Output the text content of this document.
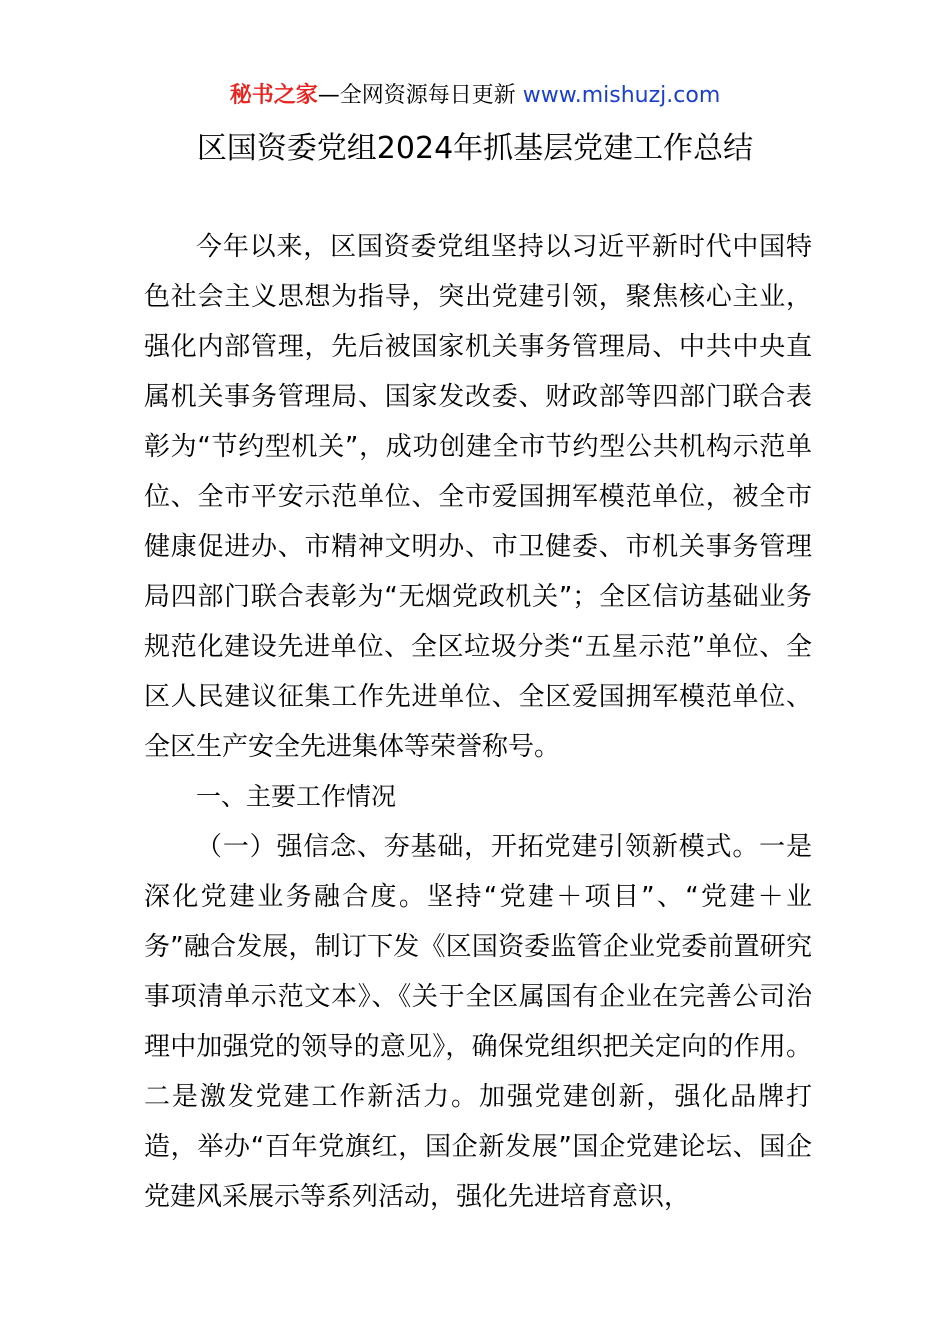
秘书之家—全网资源每日更新 www.mishuzj.com
区国资委党组2024年抓基层党建工作总结

今年以来，区国资委党组坚持以习近平新时代中国特色社会主义思想为指导，突出党建引领，聚焦核心主业，强化内部管理，先后被国家机关事务管理局、中共中央直属机关事务管理局、国家发改委、财政部等四部门联合表彰为“节约型机关”，成功创建全市节约型公共机构示范单位、全市平安示范单位、全市爱国拥军模范单位，被全市健康促进办、市精神文明办、市卫健委、市机关事务管理局四部门联合表彰为“无烟党政机关”；全区信访基础业务规范化建设先进单位、全区垃圾分类“五星示范”单位、全区人民建议征集工作先进单位、全区爱国拥军模范单位、全区生产安全先进集体等荣誉称号。

一、主要工作情况

（一）强信念、夯基础，开拓党建引领新模式。一是深化党建业务融合度。坚持“党建＋项目”、“党建＋业务”融合发展，制订下发《区国资委监管企业党委前置研究事项清单示范文本》、《关于全区属国有企业在完善公司治理中加强党的领导的意见》，确保党组织把关定向的作用。二是激发党建工作新活力。加强党建创新，强化品牌打造，举办“百年党旗红，国企新发展”国企党建论坛、国企党建风采展示等系列活动，强化先进培育意识，
